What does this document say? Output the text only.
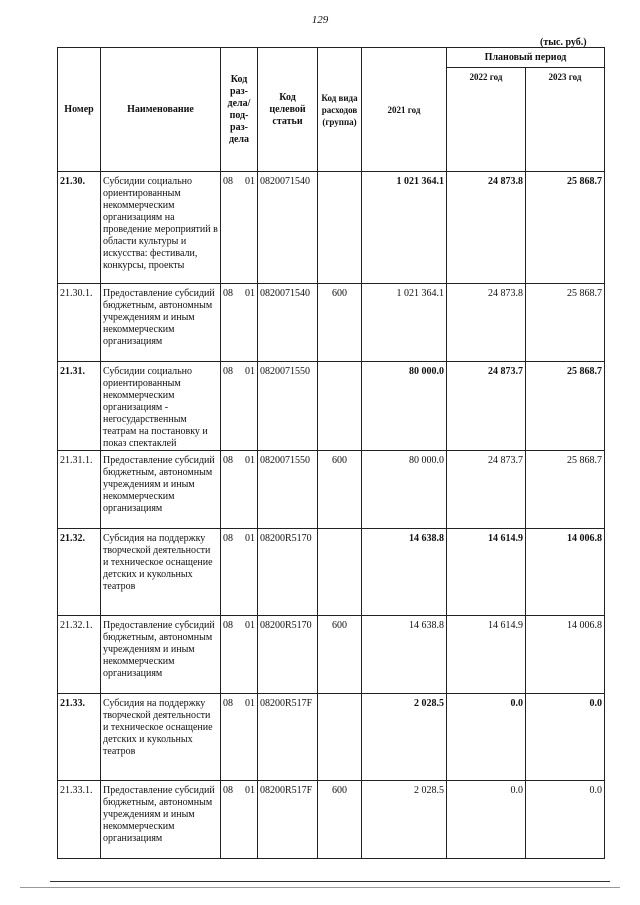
129
(тыс. руб.)
Номер	Наименование	Код раз-дела/ под-раз-дела	Код целевой статьи	Код вида расходов (группа)	2021 год	Плановый период	
						2022 год	2023 год
21.30.	Субсидии социально ориентированным некоммерческим организациям на проведение мероприятий в области культуры и искусства: фестивали, конкурсы, проекты	08 01	0820071540		1 021 364.1	24 873.8	25 868.7
21.30.1.	Предоставление субсидий бюджетным, автономным учреждениям и иным некоммерческим организациям	08 01	0820071540	600	1 021 364.1	24 873.8	25 868.7
21.31.	Субсидии социально ориентированным некоммерческим организациям - негосударственным театрам на постановку и показ спектаклей	08 01	0820071550		80 000.0	24 873.7	25 868.7
21.31.1.	Предоставление субсидий бюджетным, автономным учреждениям и иным некоммерческим организациям	08 01	0820071550	600	80 000.0	24 873.7	25 868.7
21.32.	Субсидия на поддержку творческой деятельности и техническое оснащение детских и кукольных театров	08 01	08200R5170		14 638.8	14 614.9	14 006.8
21.32.1.	Предоставление субсидий бюджетным, автономным учреждениям и иным некоммерческим организациям	08 01	08200R5170	600	14 638.8	14 614.9	14 006.8
21.33.	Субсидия на поддержку творческой деятельности и техническое оснащение детских и кукольных театров	08 01	08200R517F		2 028.5	0.0	0.0
21.33.1.	Предоставление субсидий бюджетным, автономным учреждениям и иным некоммерческим организациям	08 01	08200R517F	600	2 028.5	0.0	0.0
